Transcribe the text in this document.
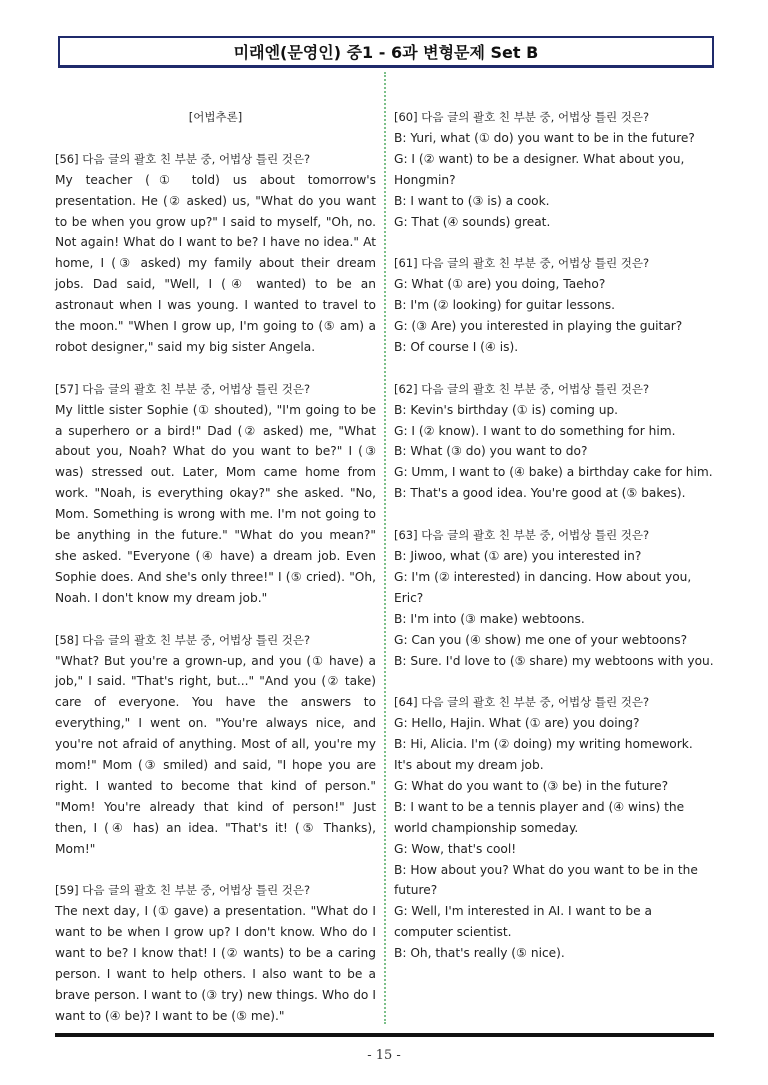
미래엔(문영인) 중1 - 6과 변형문제 Set B
[어법추론]
[56] 다음 글의 괄호 친 부분 중, 어법상 틀린 것은?
My teacher (① told) us about tomorrow's presentation. He (② asked) us, "What do you want to be when you grow up?" I said to myself, "Oh, no. Not again! What do I want to be? I have no idea." At home, I (③ asked) my family about their dream jobs. Dad said, "Well, I (④ wanted) to be an astronaut when I was young. I wanted to travel to the moon." "When I grow up, I'm going to (⑤ am) a robot designer," said my big sister Angela.
[57] 다음 글의 괄호 친 부분 중, 어법상 틀린 것은?
My little sister Sophie (① shouted), "I'm going to be a superhero or a bird!" Dad (② asked) me, "What about you, Noah? What do you want to be?" I (③ was) stressed out. Later, Mom came home from work. "Noah, is everything okay?" she asked. "No, Mom. Something is wrong with me. I'm not going to be anything in the future." "What do you mean?" she asked. "Everyone (④ have) a dream job. Even Sophie does. And she's only three!" I (⑤ cried). "Oh, Noah. I don't know my dream job."
[58] 다음 글의 괄호 친 부분 중, 어법상 틀린 것은?
"What? But you're a grown-up, and you (① have) a job," I said. "That's right, but..." "And you (② take) care of everyone. You have the answers to everything," I went on. "You're always nice, and you're not afraid of anything. Most of all, you're my mom!" Mom (③ smiled) and said, "I hope you are right. I wanted to become that kind of person." "Mom! You're already that kind of person!" Just then, I (④ has) an idea. "That's it! (⑤ Thanks), Mom!"
[59] 다음 글의 괄호 친 부분 중, 어법상 틀린 것은?
The next day, I (① gave) a presentation. "What do I want to be when I grow up? I don't know. Who do I want to be? I know that! I (② wants) to be a caring person. I want to help others. I also want to be a brave person. I want to (③ try) new things. Who do I want to (④ be)? I want to be (⑤ me)."
[60] 다음 글의 괄호 친 부분 중, 어법상 틀린 것은?
B: Yuri, what (① do) you want to be in the future?
G: I (② want) to be a designer. What about you, Hongmin?
B: I want to (③ is) a cook.
G: That (④ sounds) great.
[61] 다음 글의 괄호 친 부분 중, 어법상 틀린 것은?
G: What (① are) you doing, Taeho?
B: I'm (② looking) for guitar lessons.
G: (③ Are) you interested in playing the guitar?
B: Of course I (④ is).
[62] 다음 글의 괄호 친 부분 중, 어법상 틀린 것은?
B: Kevin's birthday (① is) coming up.
G: I (② know). I want to do something for him.
B: What (③ do) you want to do?
G: Umm, I want to (④ bake) a birthday cake for him.
B: That's a good idea. You're good at (⑤ bakes).
[63] 다음 글의 괄호 친 부분 중, 어법상 틀린 것은?
B: Jiwoo, what (① are) you interested in?
G: I'm (② interested) in dancing. How about you, Eric?
B: I'm into (③ make) webtoons.
G: Can you (④ show) me one of your webtoons?
B: Sure. I'd love to (⑤ share) my webtoons with you.
[64] 다음 글의 괄호 친 부분 중, 어법상 틀린 것은?
G: Hello, Hajin. What (① are) you doing?
B: Hi, Alicia. I'm (② doing) my writing homework. It's about my dream job.
G: What do you want to (③ be) in the future?
B: I want to be a tennis player and (④ wins) the world championship someday.
G: Wow, that's cool!
B: How about you? What do you want to be in the future?
G: Well, I'm interested in AI. I want to be a computer scientist.
B: Oh, that's really (⑤ nice).
- 15 -
